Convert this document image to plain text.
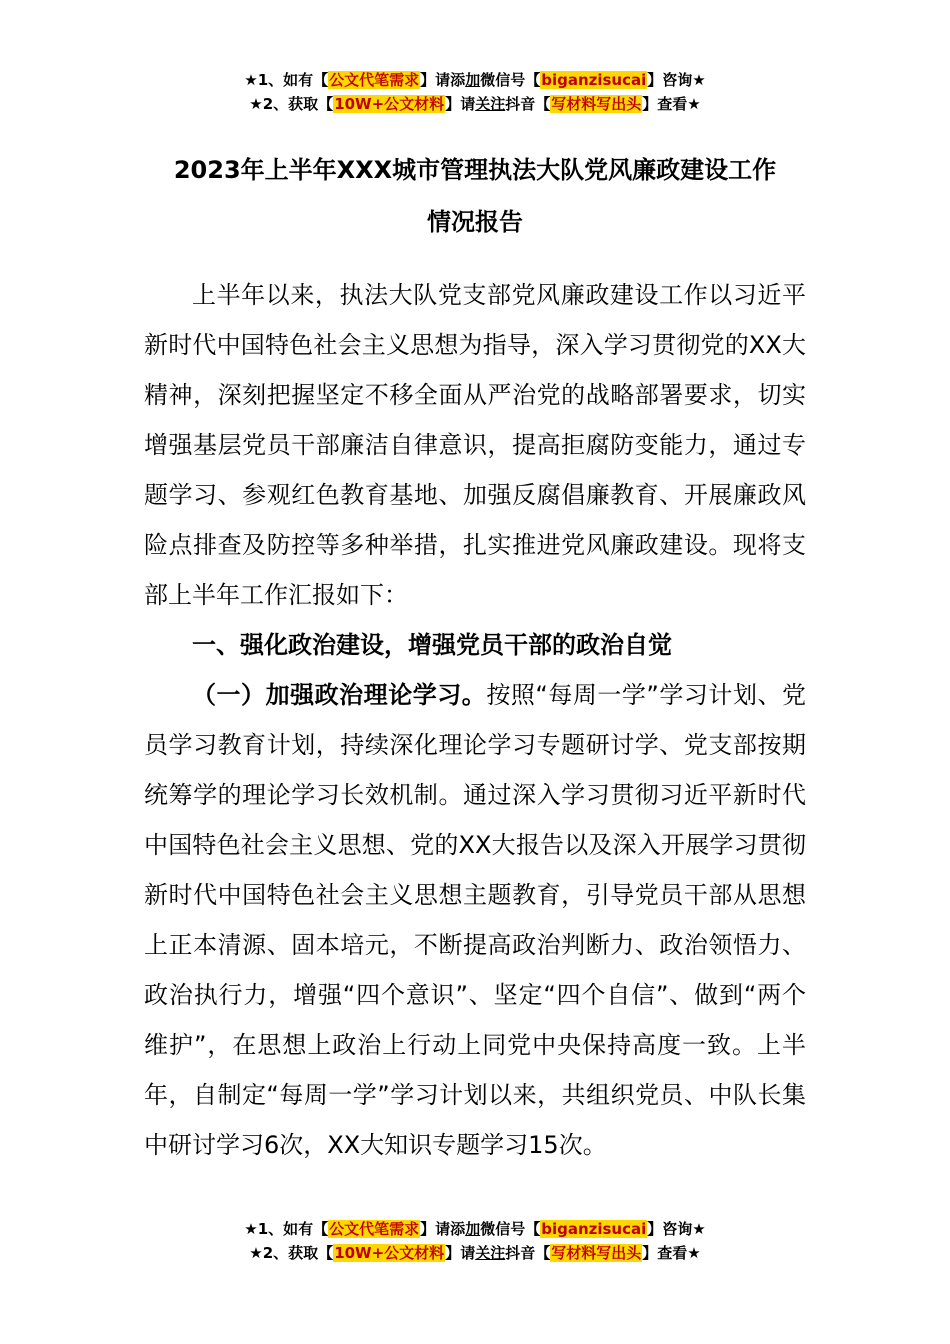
★1、如有【公文代笔需求】请添加微信号【biganzisucai】咨询★
★2、获取【10W+公文材料】请关注抖音【写材料写出头】查看★
2023年上半年XXX城市管理执法大队党风廉政建设工作
情况报告

上半年以来，执法大队党支部党风廉政建设工作以习近平新时代中国特色社会主义思想为指导，深入学习贯彻党的XX大精神，深刻把握坚定不移全面从严治党的战略部署要求，切实增强基层党员干部廉洁自律意识，提高拒腐防变能力，通过专题学习、参观红色教育基地、加强反腐倡廉教育、开展廉政风险点排查及防控等多种举措，扎实推进党风廉政建设。现将支部上半年工作汇报如下：

一、强化政治建设，增强党员干部的政治自觉

（一）加强政治理论学习。按照“每周一学”学习计划、党员学习教育计划，持续深化理论学习专题研讨学、党支部按期统筹学的理论学习长效机制。通过深入学习贯彻习近平新时代中国特色社会主义思想、党的XX大报告以及深入开展学习贯彻新时代中国特色社会主义思想主题教育，引导党员干部从思想上正本清源、固本培元，不断提高政治判断力、政治领悟力、政治执行力，增强“四个意识”、坚定“四个自信”、做到“两个维护”，在思想上政治上行动上同党中央保持高度一致。上半年，自制定“每周一学”学习计划以来，共组织党员、中队长集中研讨学习6次，XX大知识专题学习15次。

★1、如有【公文代笔需求】请添加微信号【biganzisucai】咨询★
★2、获取【10W+公文材料】请关注抖音【写材料写出头】查看★
